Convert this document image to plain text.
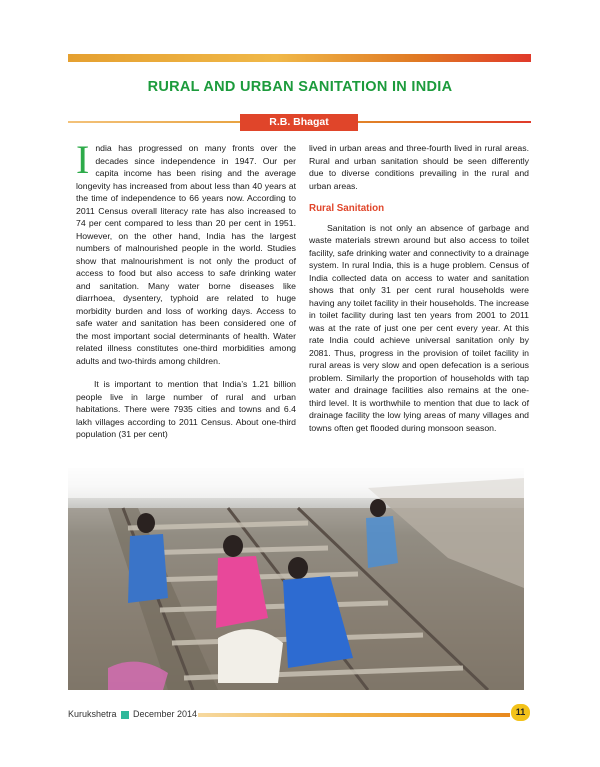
RURAL AND URBAN SANITATION IN INDIA
R.B. Bhagat

India has progressed on many fronts over the decades since independence in 1947. Our per capita income has been rising and the average longevity has increased from about less than 40 years at the time of independence to 66 years now. According to 2011 Census overall literacy rate has also increased to 74 per cent compared to less than 20 per cent in 1951. However, on the other hand, India has the largest numbers of malnourished people in the world. Studies show that malnourishment is not only the product of access to food but also access to safe drinking water and sanitation. Many water borne diseases like diarrhoea, dysentery, typhoid are related to huge morbidity burden and loss of working days. Access to safe water and sanitation has been considered one of the most important social determinants of health. Water related illness constitutes one-third morbidities among adults and two-thirds among children.

It is important to mention that India’s 1.21 billion people live in large number of rural and urban habitations. There were 7935 cities and towns and 6.4 lakh villages according to 2011 Census. About one-third population (31 per cent)

lived in urban areas and three-fourth lived in rural areas. Rural and urban sanitation should be seen differently due to diverse conditions prevailing in the rural and urban areas.

Rural Sanitation

Sanitation is not only an absence of garbage and waste materials strewn around but also access to toilet facility, safe drinking water and connectivity to a drainage system. In rural India, this is a huge problem. Census of India collected data on access to water and sanitation shows that only 31 per cent rural households were having any toilet facility in their households. The increase in toilet facility during last ten years from 2001 to 2011 was at the rate of just one per cent every year. At this rate India could achieve universal sanitation only by 2081. Thus, progress in the provision of toilet facility in rural areas is very slow and open defecation is a serious problem. Similarly the proportion of households with tap water and drainage facilities also remains at the one-third level. It is worthwhile to mention that due to lack of drainage facility the low lying areas of many villages and towns often get flooded during monsoon season.

Kurukshetra December 2014	11
